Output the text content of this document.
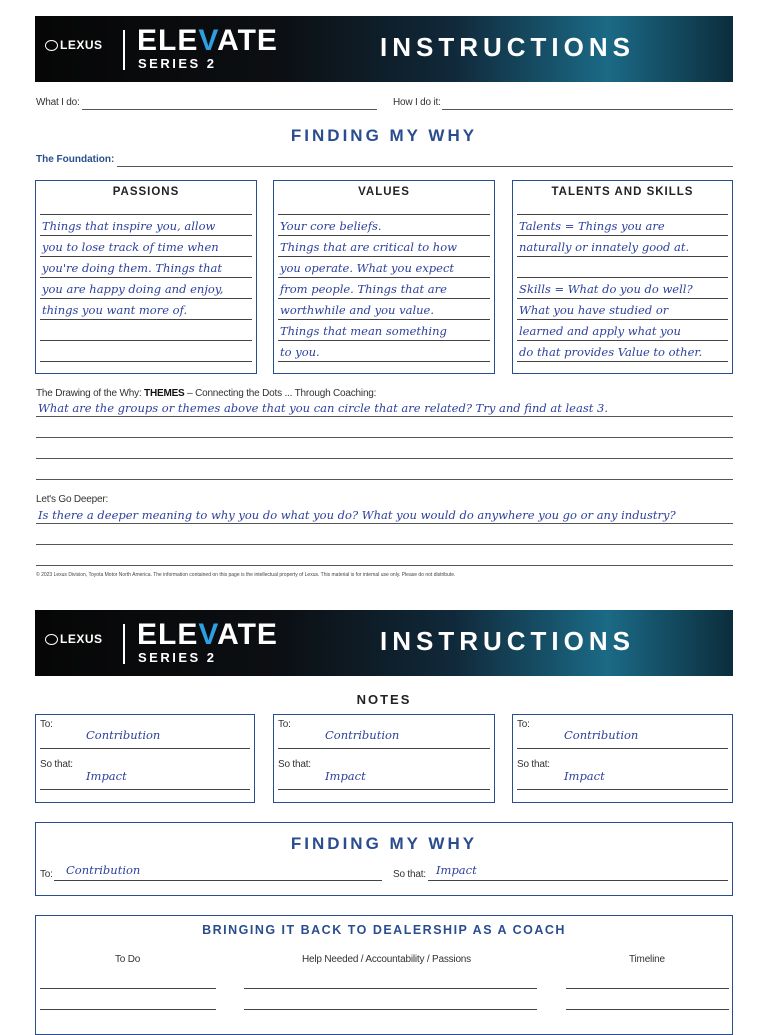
LEXUS ELEVATE
SERIES 2
INSTRUCTIONS
What I do:	How I do it:
FINDING MY WHY
The Foundation:
PASSIONS
Things that inspire you, allow
you to lose track of time when
you're doing them. Things that
you are happy doing and enjoy,
things you want more of.
VALUES
Your core beliefs.
Things that are critical to how
you operate. What you expect
from people. Things that are
worthwhile and you value.
Things that mean something
to you.
TALENTS AND SKILLS
Talents = Things you are
naturally or innately good at.
Skills = What do you do well?
What you have studied or
learned and apply what you
do that provides Value to other.
The Drawing of the Why: THEMES – Connecting the Dots ... Through Coaching:
What are the groups or themes above that you can circle that are related? Try and find at least 3.
Let's Go Deeper:
Is there a deeper meaning to why you do what you do? What you would do anywhere you go or any industry?
© 2023 Lexus Division, Toyota Motor North America. The information contained on this page is the intellectual property of Lexus. This material is for internal use only. Please do not distribute.
LEXUS ELEVATE
SERIES 2
INSTRUCTIONS
NOTES
To:
Contribution
So that:
Impact
To:
Contribution
So that:
Impact
To:
Contribution
So that:
Impact
FINDING MY WHY
To: Contribution	So that: Impact
BRINGING IT BACK TO DEALERSHIP AS A COACH
To Do	Help Needed / Accountability / Passions	Timeline
